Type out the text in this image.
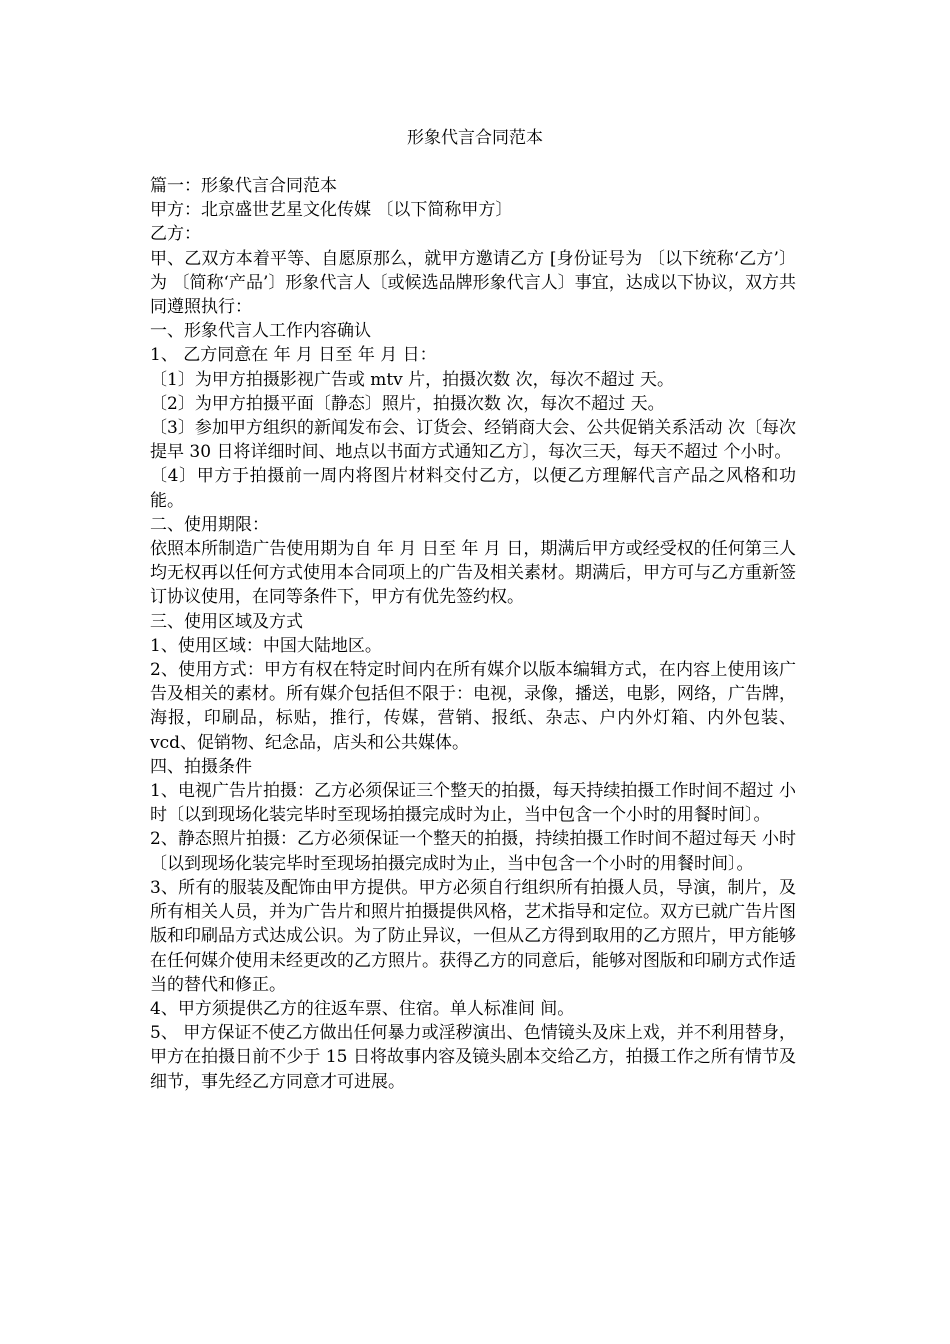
形象代言合同范本

篇一：形象代言合同范本

甲方：北京盛世艺星文化传媒 〔以下简称甲方〕

乙方：

甲、乙双方本着平等、自愿原那么，就甲方邀请乙方 [身份证号为 〔以下统称‘乙方’〕为 〔简称‘产品’〕形象代言人〔或候选品牌形象代言人〕事宜，达成以下协议，双方共同遵照执行：

一、形象代言人工作内容确认

1、 乙方同意在 年 月 日至 年 月 日：

〔1〕为甲方拍摄影视广告或 mtv 片，拍摄次数 次，每次不超过 天。

〔2〕为甲方拍摄平面〔静态〕照片，拍摄次数 次，每次不超过 天。

〔3〕参加甲方组织的新闻发布会、订货会、经销商大会、公共促销关系活动 次〔每次提早 30 日将详细时间、地点以书面方式通知乙方〕，每次三天，每天不超过 个小时。

〔4〕甲方于拍摄前一周内将图片材料交付乙方，以便乙方理解代言产品之风格和功能。

二、使用期限：

依照本所制造广告使用期为自 年 月 日至 年 月 日，期满后甲方或经受权的任何第三人均无权再以任何方式使用本合同项上的广告及相关素材。期满后，甲方可与乙方重新签订协议使用，在同等条件下，甲方有优先签约权。

三、使用区域及方式

1、使用区域：中国大陆地区。

2、使用方式：甲方有权在特定时间内在所有媒介以版本编辑方式，在内容上使用该广告及相关的素材。所有媒介包括但不限于：电视，录像，播送，电影，网络，广告牌，海报，印刷品，标贴，推行，传媒，营销、报纸、杂志、户内外灯箱、内外包装、vcd、促销物、纪念品，店头和公共媒体。

四、拍摄条件

1、电视广告片拍摄：乙方必须保证三个整天的拍摄，每天持续拍摄工作时间不超过 小时〔以到现场化装完毕时至现场拍摄完成时为止，当中包含一个小时的用餐时间〕。

2、静态照片拍摄：乙方必须保证一个整天的拍摄，持续拍摄工作时间不超过每天 小时〔以到现场化装完毕时至现场拍摄完成时为止，当中包含一个小时的用餐时间〕。

3、所有的服装及配饰由甲方提供。甲方必须自行组织所有拍摄人员，导演，制片，及所有相关人员，并为广告片和照片拍摄提供风格，艺术指导和定位。双方已就广告片图版和印刷品方式达成公识。为了防止异议，一但从乙方得到取用的乙方照片，甲方能够在任何媒介使用未经更改的乙方照片。获得乙方的同意后，能够对图版和印刷方式作适当的替代和修正。

4、甲方须提供乙方的往返车票、住宿。单人标准间 间。

5、 甲方保证不使乙方做出任何暴力或淫秽演出、色情镜头及床上戏，并不利用替身，甲方在拍摄日前不少于 15 日将故事内容及镜头剧本交给乙方，拍摄工作之所有情节及细节，事先经乙方同意才可进展。
